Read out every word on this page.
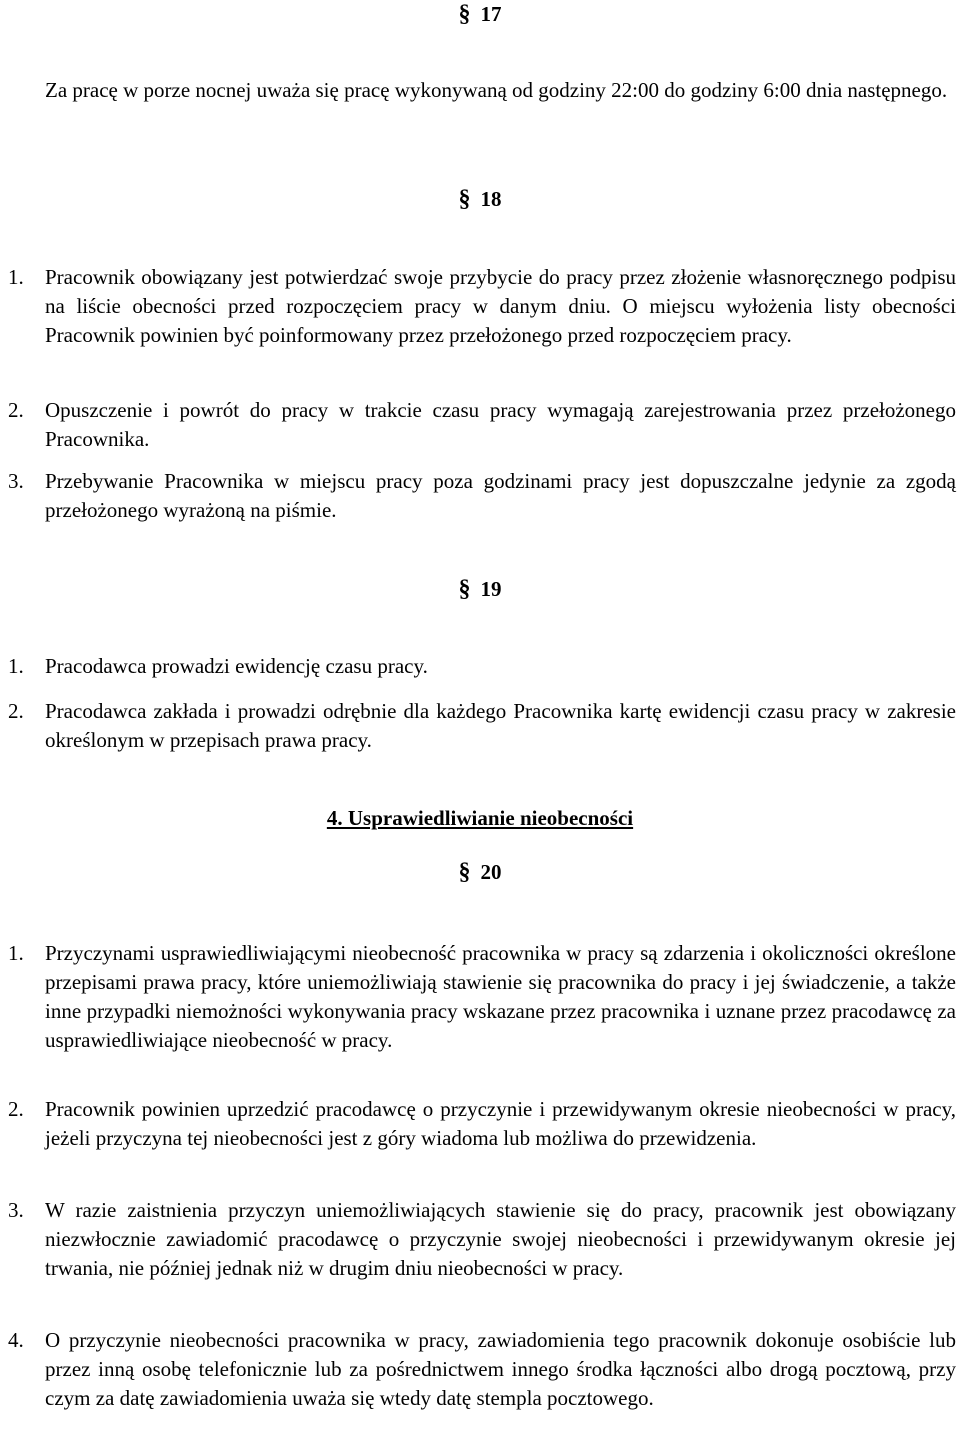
§ 17

Za pracę w porze nocnej uważa się pracę wykonywaną od godziny 22:00 do godziny 6:00 dnia następnego.

§ 18
1.	Pracownik obowiązany jest potwierdzać swoje przybycie do pracy przez złożenie własnoręcznego podpisu na liście obecności przed rozpoczęciem pracy w danym dniu. O miejscu wyłożenia listy obecności Pracownik powinien być poinformowany przez przełożonego przed rozpoczęciem pracy.
2.	Opuszczenie i powrót do pracy w trakcie czasu pracy wymagają zarejestrowania przez przełożonego Pracownika.
3.	Przebywanie Pracownika w miejscu pracy poza godzinami pracy jest dopuszczalne jedynie za zgodą przełożonego wyrażoną na piśmie.
§ 19
1.	Pracodawca prowadzi ewidencję czasu pracy.
2.	Pracodawca zakłada i prowadzi odrębnie dla każdego Pracownika kartę ewidencji czasu pracy w zakresie określonym w przepisach prawa pracy.
4. Usprawiedliwianie nieobecności
§ 20
1.	Przyczynami usprawiedliwiającymi nieobecność pracownika w pracy są zdarzenia i okoliczności określone przepisami prawa pracy, które uniemożliwiają stawienie się pracownika do pracy i jej świadczenie, a także inne przypadki niemożności wykonywania pracy wskazane przez pracownika i uznane przez pracodawcę za usprawiedliwiające nieobecność w pracy.
2.	Pracownik powinien uprzedzić pracodawcę o przyczynie i przewidywanym okresie nieobecności w pracy, jeżeli przyczyna tej nieobecności jest z góry wiadoma lub możliwa do przewidzenia.
3.	W razie zaistnienia przyczyn uniemożliwiających stawienie się do pracy, pracownik jest obowiązany niezwłocznie zawiadomić pracodawcę o przyczynie swojej nieobecności i przewidywanym okresie jej trwania, nie później jednak niż w drugim dniu nieobecności w pracy.
4.	O przyczynie nieobecności pracownika w pracy, zawiadomienia tego pracownik dokonuje osobiście lub przez inną osobę telefonicznie lub za pośrednictwem innego środka łączności albo drogą pocztową, przy czym za datę zawiadomienia uważa się wtedy datę stempla pocztowego.
